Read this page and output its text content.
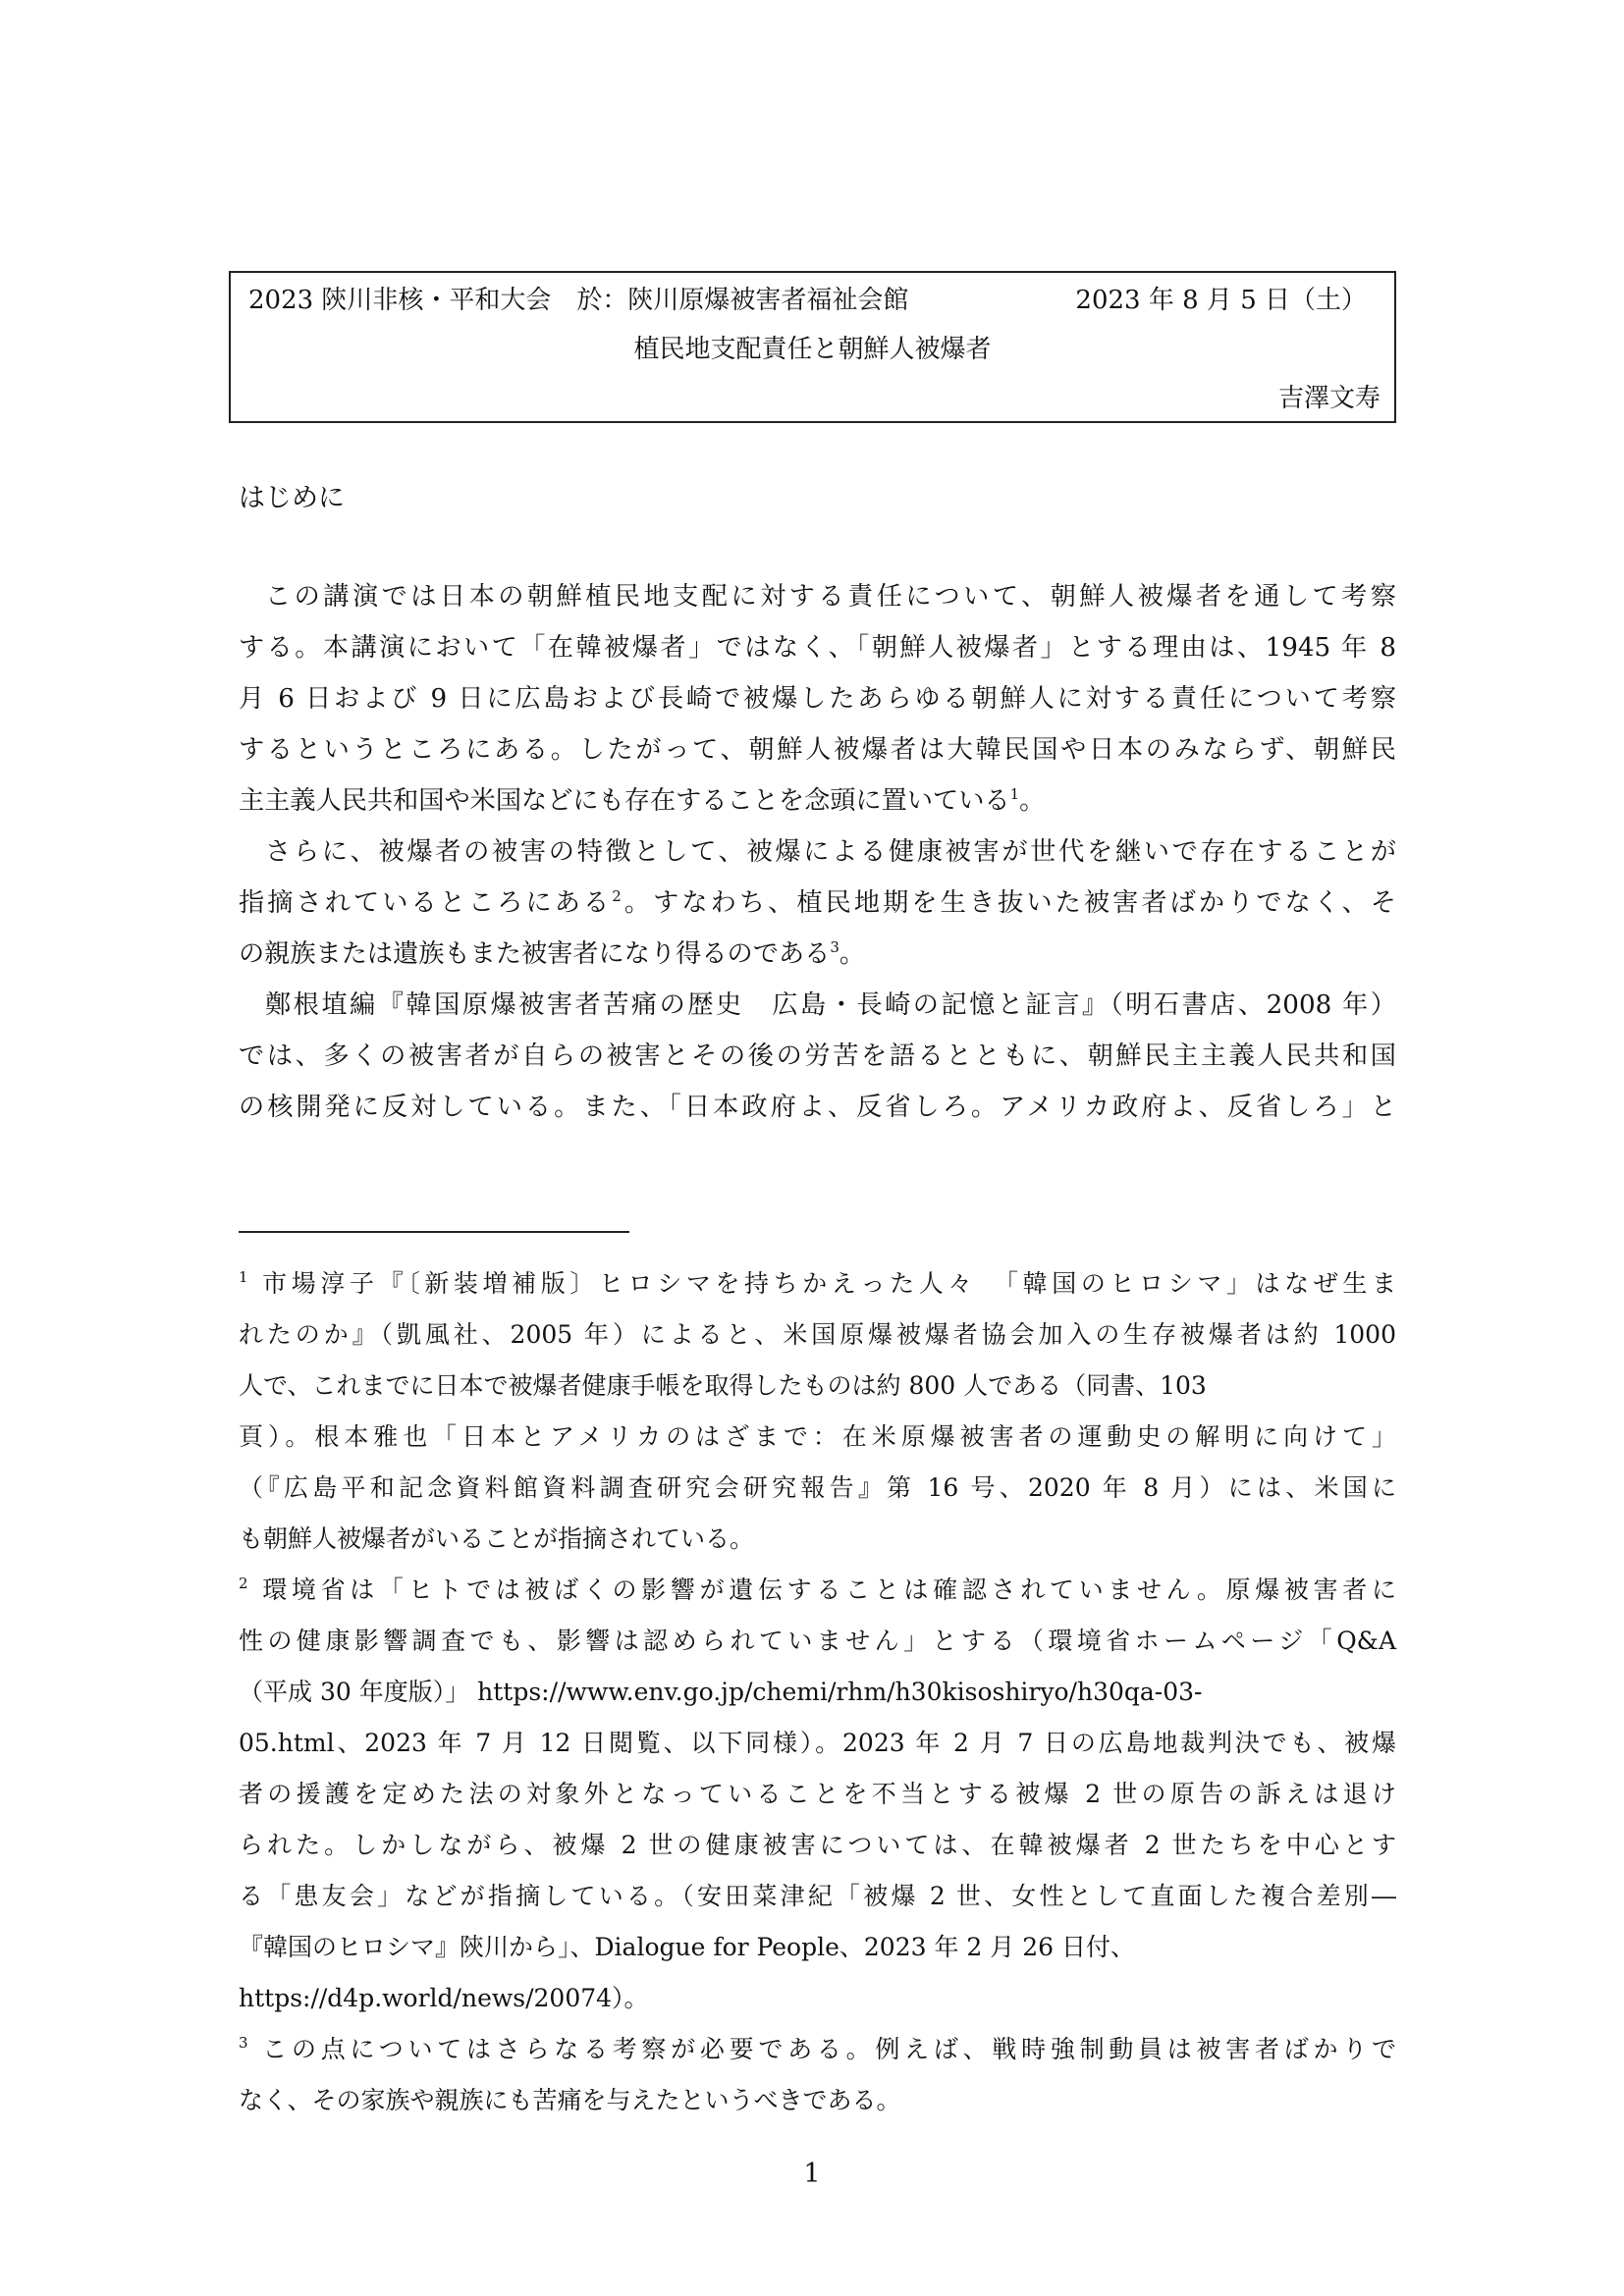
2023 陝川非核・平和大会　於：陝川原爆被害者福祉会館	2023 年 8 月 5 日（土）
植民地支配責任と朝鮮人被爆者
吉澤文寿
はじめに
この講演では日本の朝鮮植民地支配に対する責任について、朝鮮人被爆者を通して考察
する。本講演において「在韓被爆者」ではなく、「朝鮮人被爆者」とする理由は、1945 年 8
月 6 日および 9 日に広島および長崎で被爆したあらゆる朝鮮人に対する責任について考察
するというところにある。したがって、朝鮮人被爆者は大韓民国や日本のみならず、朝鮮民
主主義人民共和国や米国などにも存在することを念頭に置いている$^1$。
さらに、被爆者の被害の特徴として、被爆による健康被害が世代を継いで存在することが
指摘されているところにある$^2$。すなわち、植民地期を生き抜いた被害者ばかりでなく、そ
の親族または遺族もまた被害者になり得るのである$^3$。
鄭根埴編『韓国原爆被害者苦痛の歴史　広島・長崎の記憶と証言』（明石書店、2008 年）
では、多くの被害者が自らの被害とその後の労苦を語るとともに、朝鮮民主主義人民共和国
の核開発に反対している。また、「日本政府よ、反省しろ。アメリカ政府よ、反省しろ」と
$^1$ 市場淳子『〔新装増補版〕ヒロシマを持ちかえった人々　「韓国のヒロシマ」はなぜ生ま
れたのか』（凱風社、2005 年）によると、米国原爆被爆者協会加入の生存被爆者は約 1000
人で、これまでに日本で被爆者健康手帳を取得したものは約 800 人である（同書、103
頁）。根本雅也「日本とアメリカのはざまで：在米原爆被害者の運動史の解明に向けて」
（『広島平和記念資料館資料調査研究会研究報告』第 16 号、2020 年 8 月）には、米国に
も朝鮮人被爆者がいることが指摘されている。
$^2$ 環境省は「ヒトでは被ばくの影響が遺伝することは確認されていません。原爆被害者に
性の健康影響調査でも、影響は認められていません」とする（環境省ホームページ「Q&A
（平成 30 年度版）」 https://www.env.go.jp/chemi/rhm/h30kisoshiryo/h30qa-03-
05.html、2023 年 7 月 12 日閲覧、以下同様）。2023 年 2 月 7 日の広島地裁判決でも、被爆
者の援護を定めた法の対象外となっていることを不当とする被爆 2 世の原告の訴えは退け
られた。しかしながら、被爆 2 世の健康被害については、在韓被爆者 2 世たちを中心とす
る「患友会」などが指摘している。（安田菜津紀「被爆 2 世、女性として直面した複合差別―
『韓国のヒロシマ』陝川から」、Dialogue for People、2023 年 2 月 26 日付、
https://d4p.world/news/20074）。
$^3$ この点についてはさらなる考察が必要である。例えば、戦時強制動員は被害者ばかりで
なく、その家族や親族にも苦痛を与えたというべきである。
1
